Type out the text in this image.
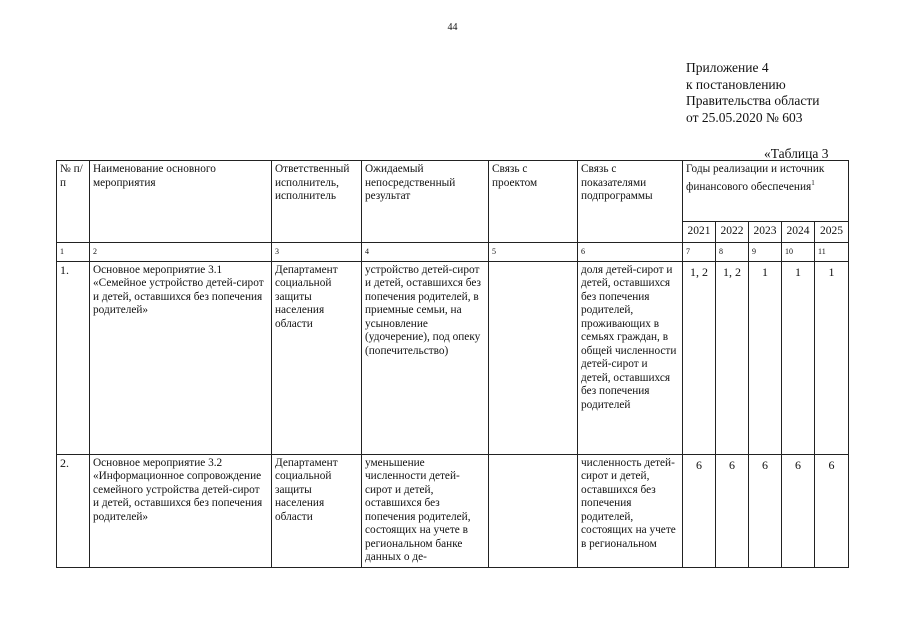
44
Приложение 4
к постановлению
Правительства области
от 25.05.2020 № 603
«Таблица 3
№ п/п	Наименование основного мероприятия	Ответственный исполнитель, исполнитель	Ожидаемый непосредственный результат	Связь с проектом	Связь с показателями подпрограммы	Годы реализации и источник финансового обеспечения$^1$
						2021	2022	2023	2024	2025
1	2	3	4	5	6	7	8	9	10	11
1.	Основное мероприятие 3.1 «Семейное устройство детей-сирот и детей, оставшихся без попечения родителей»	Департамент социальной защиты населения области	устройство детей-сирот и детей, оставшихся без попечения родителей, в приемные семьи, на усыновление (удочерение), под опеку (попечительство)		доля детей-сирот и детей, оставшихся без попечения родителей, проживающих в семьях граждан, в общей численности детей-сирот и детей, оставшихся без попечения родителей	1, 2	1, 2	1	1	1
2.	Основное мероприятие 3.2 «Информационное сопровождение семейного устройства детей-сирот и детей, оставшихся без попечения родителей»	Департамент социальной защиты населения области	уменьшение численности детей-сирот и детей, оставшихся без попечения родителей, состоящих на учете в региональном банке данных о де-		численность детей-сирот и детей, оставшихся без попечения родителей, состоящих на учете в региональном	6	6	6	6	6
